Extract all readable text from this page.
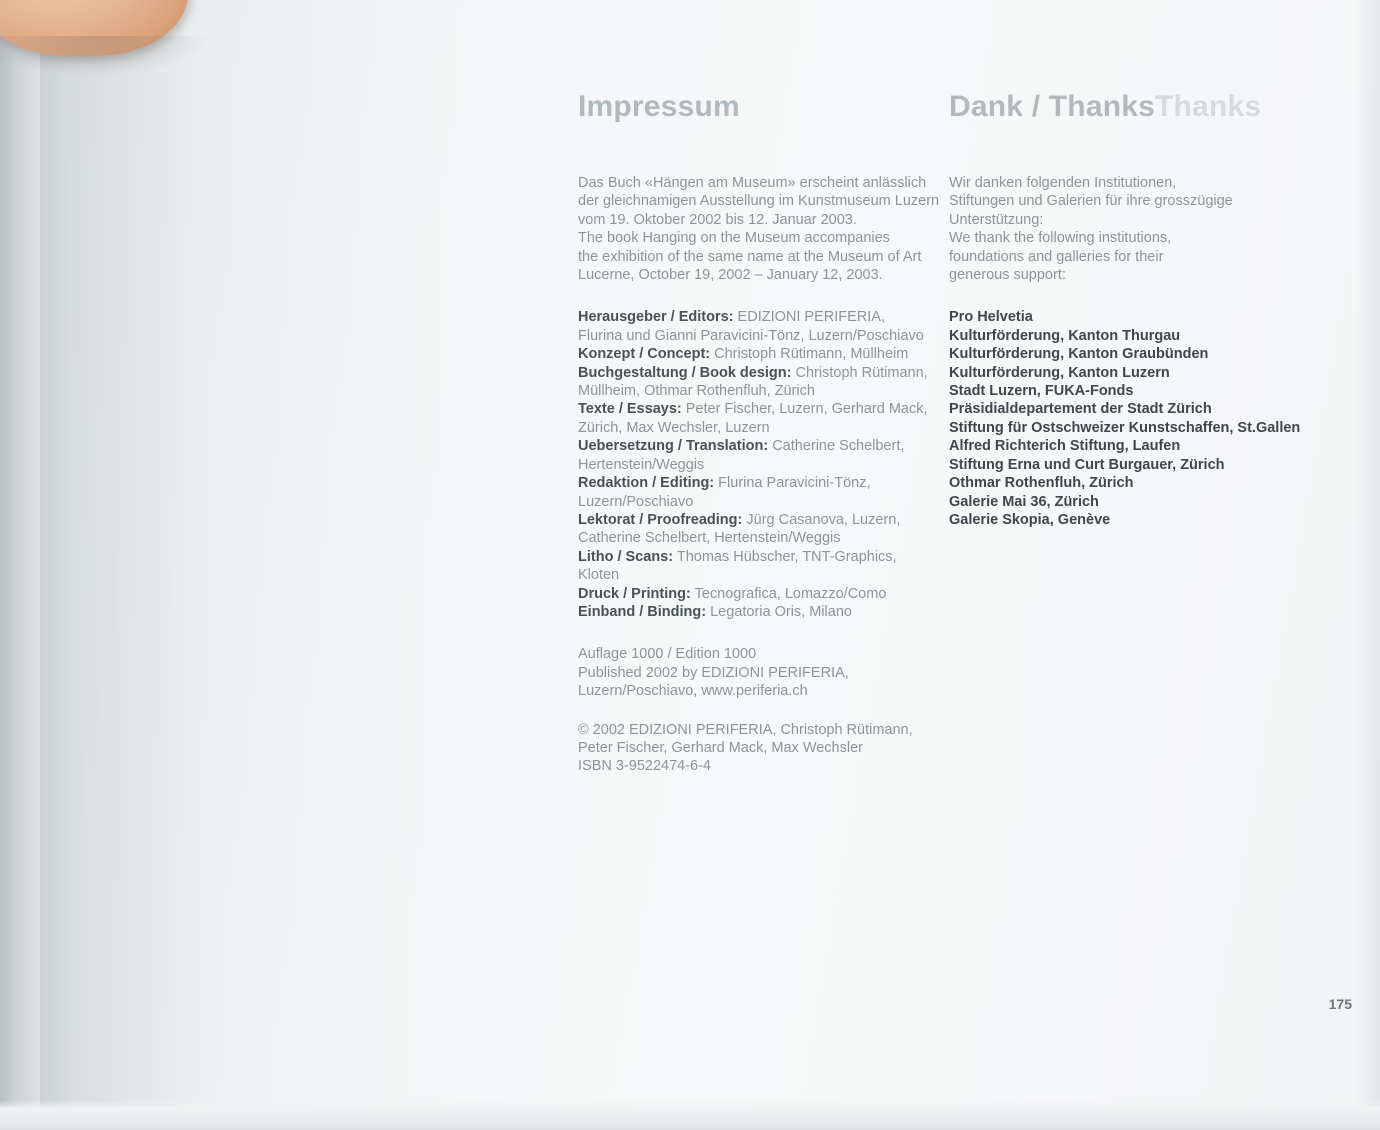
Impressum
Das Buch «Hängen am Museum» erscheint anlässlich
der gleichnamigen Ausstellung im Kunstmuseum Luzern
vom 19. Oktober 2002 bis 12. Januar 2003.
The book Hanging on the Museum accompanies
the exhibition of the same name at the Museum of Art
Lucerne, October 19, 2002 – January 12, 2003.
Herausgeber / Editors: EDIZIONI PERIFERIA, Flurina und Gianni Paravicini-Tönz, Luzern/Poschiavo
Konzept / Concept: Christoph Rütimann, Müllheim
Buchgestaltung / Book design: Christoph Rütimann, Müllheim, Othmar Rothenfluh, Zürich
Texte / Essays: Peter Fischer, Luzern, Gerhard Mack, Zürich, Max Wechsler, Luzern
Uebersetzung / Translation: Catherine Schelbert, Hertenstein/Weggis
Redaktion / Editing: Flurina Paravicini-Tönz, Luzern/Poschiavo
Lektorat / Proofreading: Jürg Casanova, Luzern, Catherine Schelbert, Hertenstein/Weggis
Litho / Scans: Thomas Hübscher, TNT-Graphics, Kloten
Druck / Printing: Tecnografica, Lomazzo/Como
Einband / Binding: Legatoria Oris, Milano
Auflage 1000 / Edition 1000
Published 2002 by EDIZIONI PERIFERIA,
Luzern/Poschiavo, www.periferia.ch
© 2002 EDIZIONI PERIFERIA, Christoph Rütimann,
Peter Fischer, Gerhard Mack, Max Wechsler
ISBN 3-9522474-6-4
Dank / ThanksThanks
Wir danken folgenden Institutionen,
Stiftungen und Galerien für ihre grosszügige
Unterstützung:
We thank the following institutions,
foundations and galleries for their
generous support:
Pro Helvetia
Kulturförderung, Kanton Thurgau
Kulturförderung, Kanton Graubünden
Kulturförderung, Kanton Luzern
Stadt Luzern, FUKA-Fonds
Präsidialdepartement der Stadt Zürich
Stiftung für Ostschweizer Kunstschaffen, St.Gallen
Alfred Richterich Stiftung, Laufen
Stiftung Erna und Curt Burgauer, Zürich
Othmar Rothenfluh, Zürich
Galerie Mai 36, Zürich
Galerie Skopia, Genève
175
